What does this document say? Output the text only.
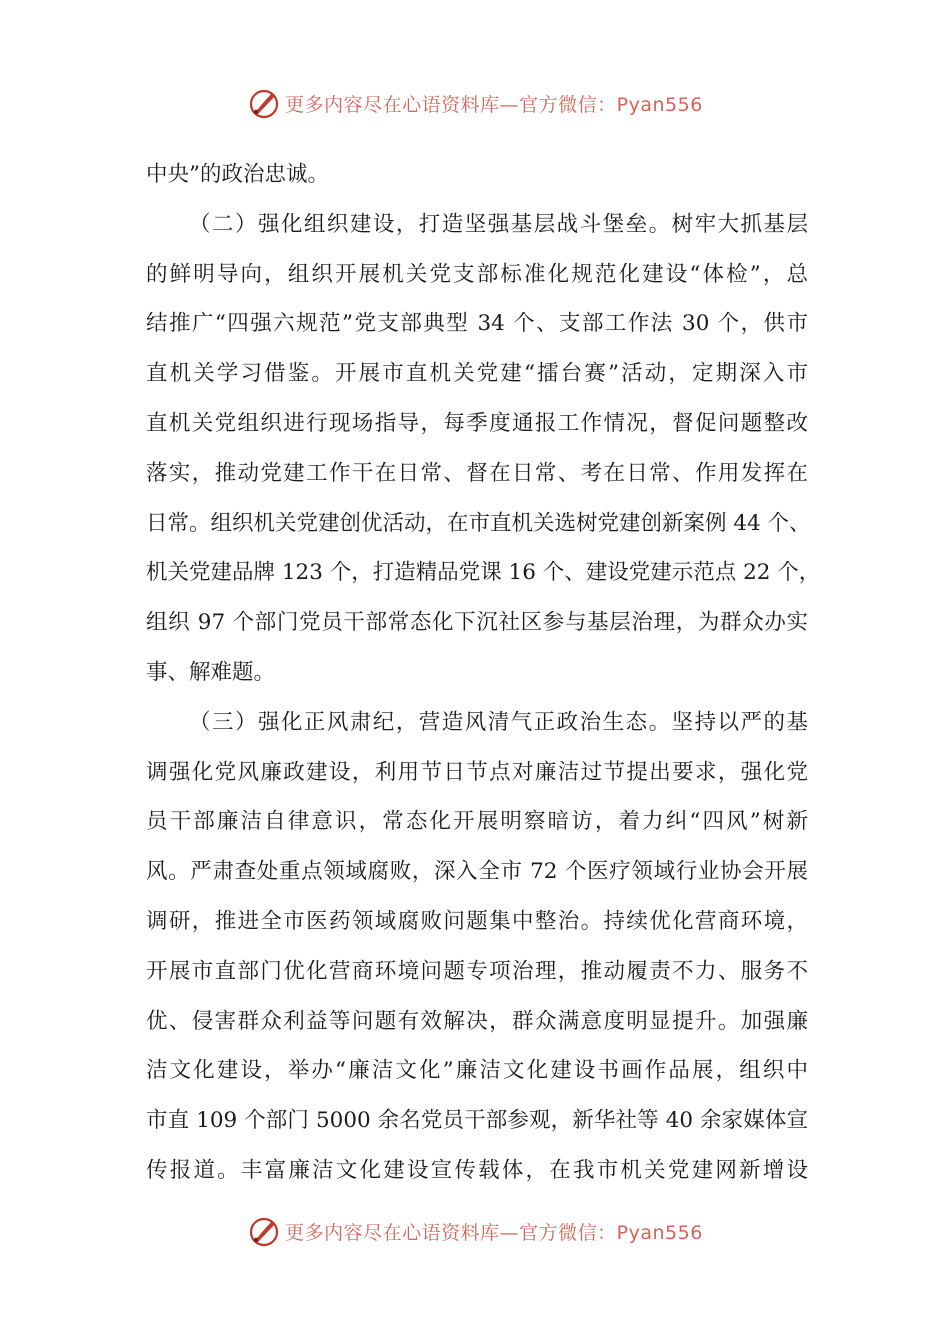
更多内容尽在心语资料库—官方微信：Pyan556
中央”的政治忠诚。
（二）强化组织建设，打造坚强基层战斗堡垒。树牢大抓基层
的鲜明导向，组织开展机关党支部标准化规范化建设“体检”，总
结推广“四强六规范”党支部典型 34 个、支部工作法 30 个，供市
直机关学习借鉴。开展市直机关党建“擂台赛”活动，定期深入市
直机关党组织进行现场指导，每季度通报工作情况，督促问题整改
落实，推动党建工作干在日常、督在日常、考在日常、作用发挥在
日常。组织机关党建创优活动，在市直机关选树党建创新案例 44 个、
机关党建品牌 123 个，打造精品党课 16 个、建设党建示范点 22 个，
组织 97 个部门党员干部常态化下沉社区参与基层治理，为群众办实
事、解难题。
（三）强化正风肃纪，营造风清气正政治生态。坚持以严的基
调强化党风廉政建设，利用节日节点对廉洁过节提出要求，强化党
员干部廉洁自律意识，常态化开展明察暗访，着力纠“四风”树新
风。严肃查处重点领域腐败，深入全市 72 个医疗领域行业协会开展
调研，推进全市医药领域腐败问题集中整治。持续优化营商环境，
开展市直部门优化营商环境问题专项治理，推动履责不力、服务不
优、侵害群众利益等问题有效解决，群众满意度明显提升。加强廉
洁文化建设，举办“廉洁文化”廉洁文化建设书画作品展，组织中
市直 109 个部门 5000 余名党员干部参观，新华社等 40 余家媒体宣
传报道。丰富廉洁文化建设宣传载体，在我市机关党建网新增设
更多内容尽在心语资料库—官方微信：Pyan556
